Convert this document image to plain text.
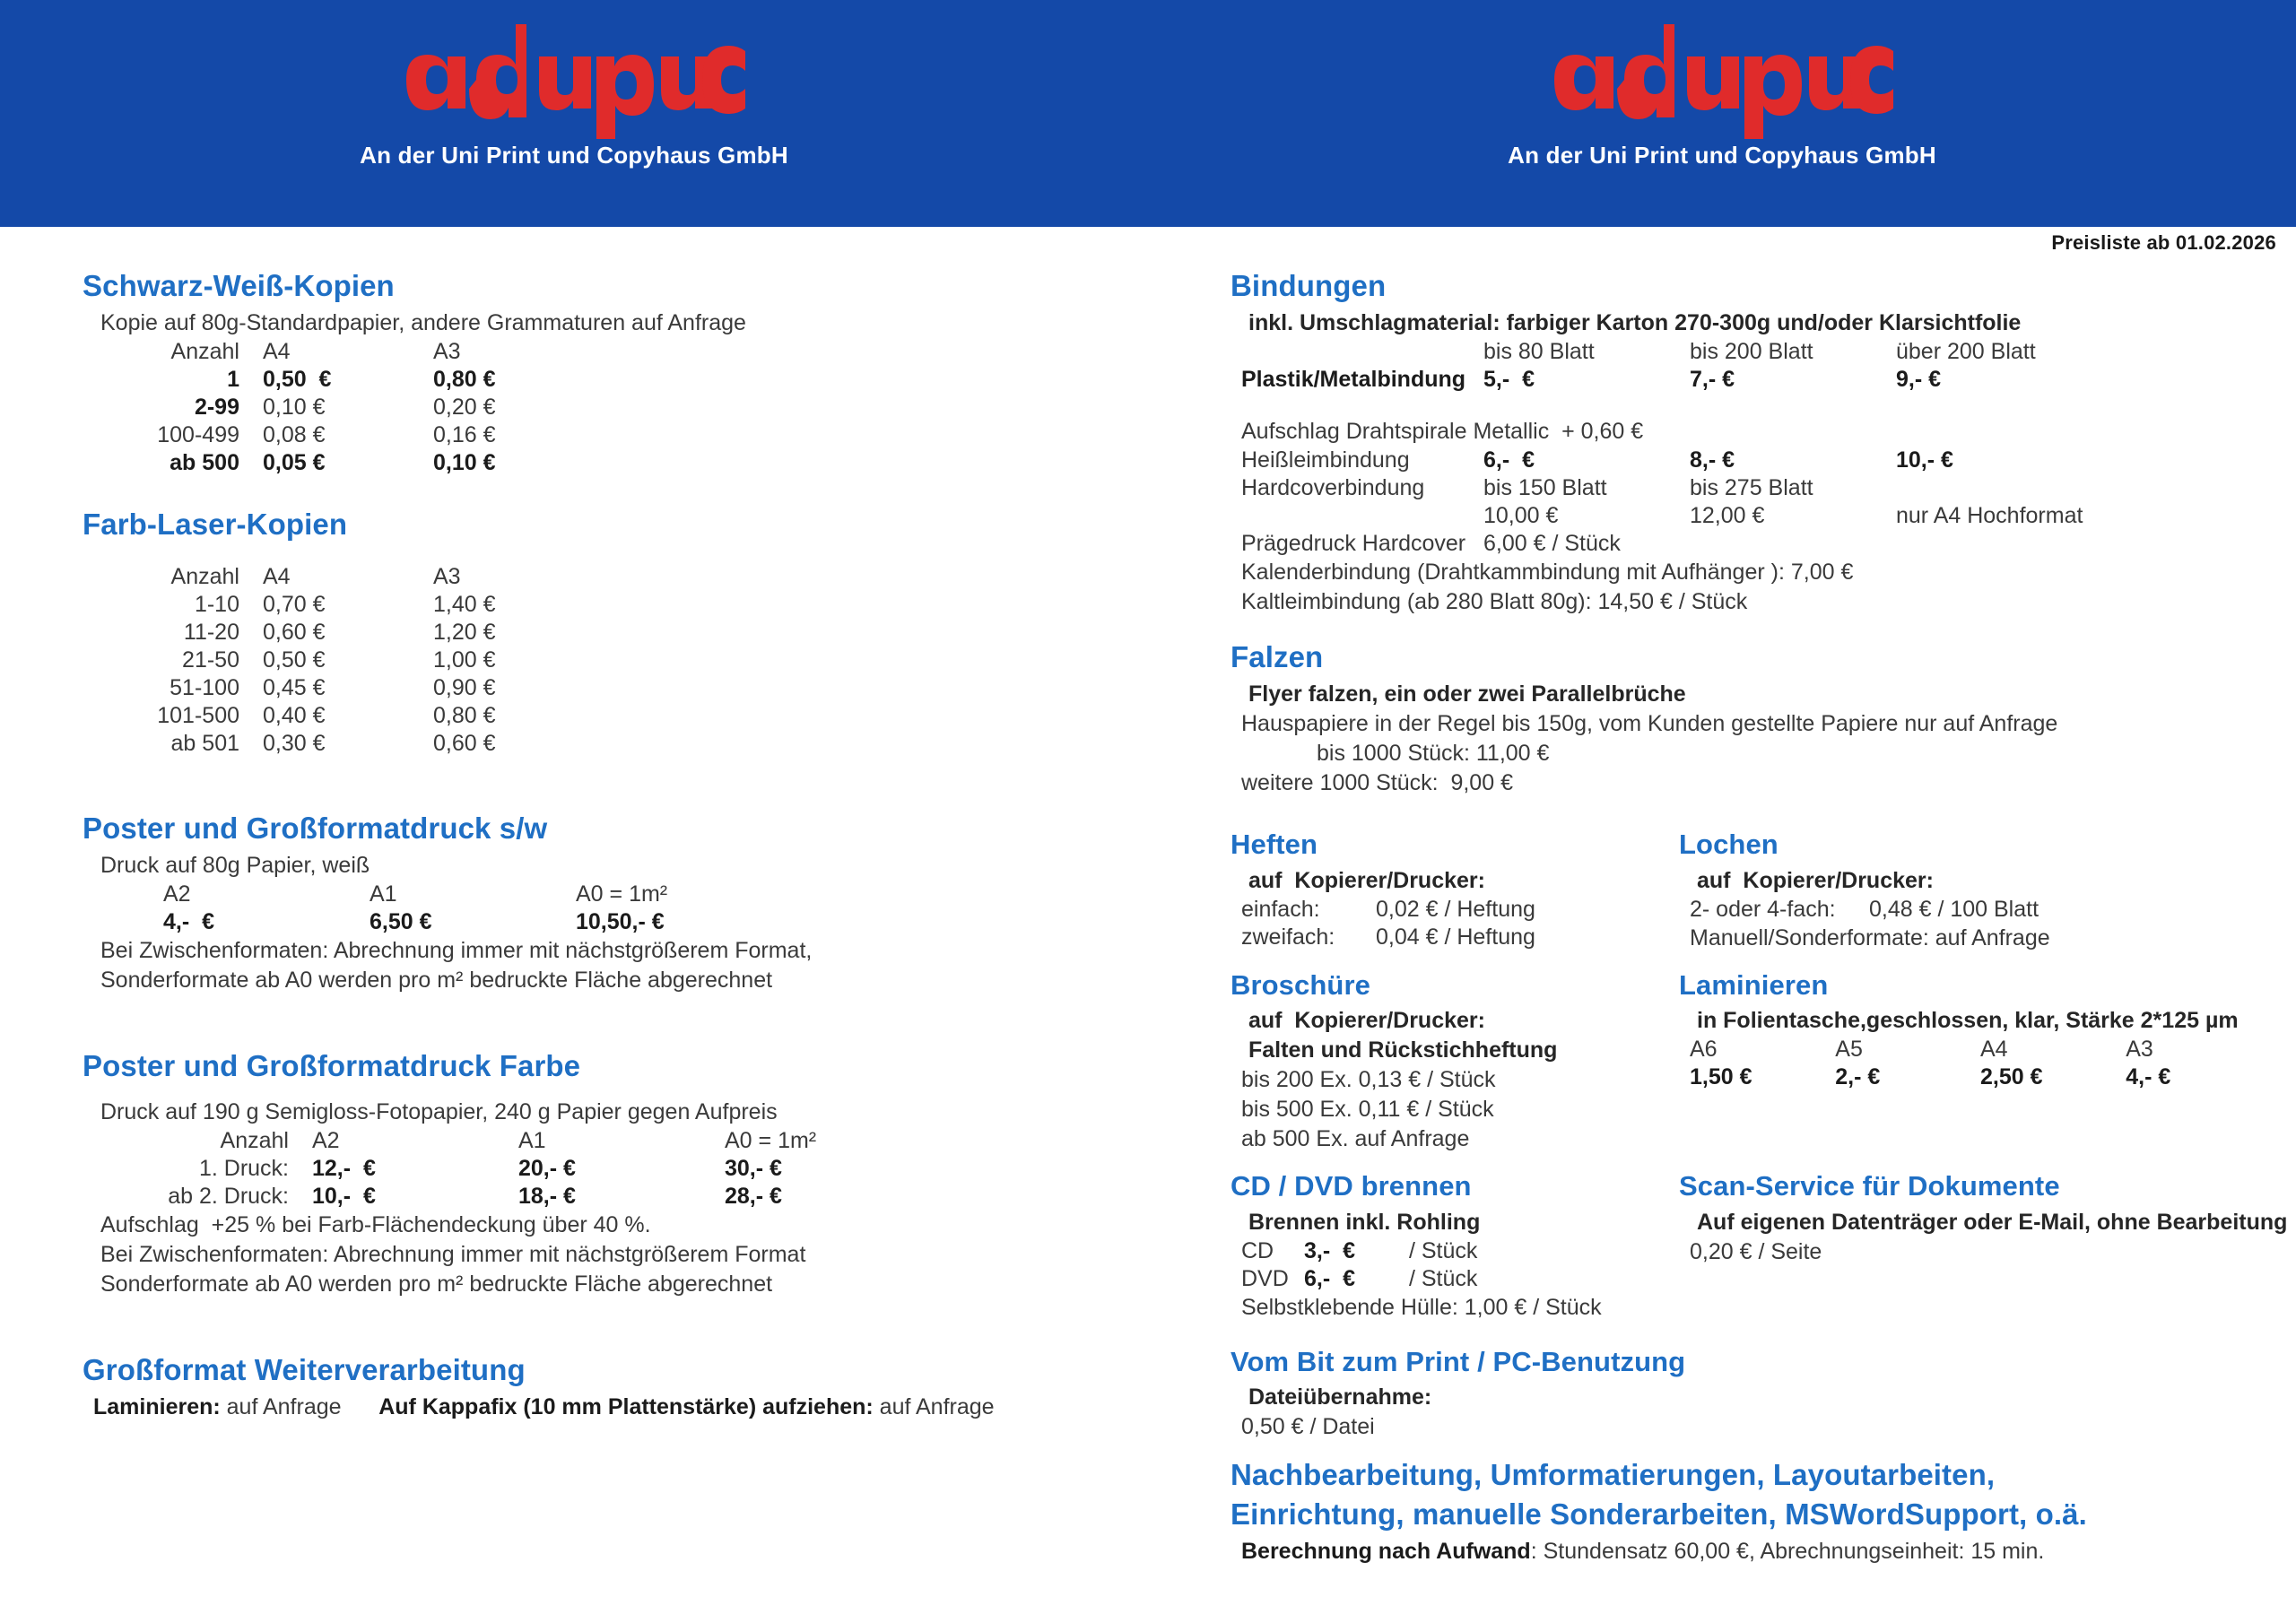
An der Uni Print und Copyhaus GmbH	An der Uni Print und Copyhaus GmbH
Preisliste ab 01.02.2026
Schwarz-Weiß-Kopien
Kopie auf 80g-Standardpapier, andere Grammaturen auf Anfrage
Anzahl	A4	A3
1	0,50  €	0,80 €
2-99	0,10 €	0,20 €
100-499	0,08 €	0,16 €
ab 500	0,05 €	0,10 €
Farb-Laser-Kopien
Anzahl	A4	A3
1-10	0,70 €	1,40 €
11-20	0,60 €	1,20 €
21-50	0,50 €	1,00 €
51-100	0,45 €	0,90 €
101-500	0,40 €	0,80 €
ab 501	0,30 €	0,60 €
Poster und Großformatdruck s/w
Druck auf 80g Papier, weiß
A2	A1	A0 = 1m²
4,-  €	6,50 €	10,50,- €
Bei Zwischenformaten: Abrechnung immer mit nächstgrößerem Format,
Sonderformate ab A0 werden pro m² bedruckte Fläche abgerechnet
Poster und Großformatdruck Farbe
Druck auf 190 g Semigloss-Fotopapier, 240 g Papier gegen Aufpreis
Anzahl	A2	A1	A0 = 1m²
1. Druck:	12,-  €	20,- €	30,- €
ab 2. Druck:	10,-  €	18,- €	28,- €
Aufschlag  +25 % bei Farb-Flächendeckung über 40 %.
Bei Zwischenformaten: Abrechnung immer mit nächstgrößerem Format
Sonderformate ab A0 werden pro m² bedruckte Fläche abgerechnet
Großformat Weiterverarbeitung
Laminieren: auf Anfrage Auf Kappafix (10 mm Plattenstärke) aufziehen: auf Anfrage
Bindungen
inkl. Umschlagmaterial: farbiger Karton 270-300g und/oder Klarsichtfolie
	bis 80 Blatt	bis 200 Blatt	über 200 Blatt
Plastik/Metalbindung	5,-  €	7,- €	9,- €
Aufschlag Drahtspirale Metallic  + 0,60 €
Heißleimbindung	6,-  €	8,- €	10,- €
Hardcoverbindung	bis 150 Blatt	bis 275 Blatt	
	10,00 €	12,00 €	nur A4 Hochformat
Prägedruck Hardcover	6,00 € / Stück		
Kalenderbindung (Drahtkammbindung mit Aufhänger ): 7,00 €
Kaltleimbindung (ab 280 Blatt 80g): 14,50 € / Stück
Falzen
Flyer falzen, ein oder zwei Parallelbrüche
Hauspapiere in der Regel bis 150g, vom Kunden gestellte Papiere nur auf Anfrage
bis 1000 Stück: 11,00 €
weitere 1000 Stück:  9,00 €
Heften
auf  Kopierer/Drucker:
einfach:	0,02 € / Heftung
zweifach:	0,04 € / Heftung
Lochen
auf  Kopierer/Drucker:
2- oder 4-fach:	0,48 € / 100 Blatt
Manuell/Sonderformate: auf Anfrage
Broschüre
auf  Kopierer/Drucker:
Falten und Rückstichheftung
bis 200 Ex. 0,13 € / Stück
bis 500 Ex. 0,11 € / Stück
ab 500 Ex. auf Anfrage
Laminieren
in Folientasche,geschlossen, klar, Stärke 2*125 µm
A6	A5	A4	A3
1,50 €	2,- €	2,50 €	4,- €
CD / DVD brennen
Brennen inkl. Rohling
CD	3,-  €	/ Stück
DVD	6,-  €	/ Stück
Selbstklebende Hülle: 1,00 € / Stück
Scan-Service für Dokumente
Auf eigenen Datenträger oder E-Mail, ohne Bearbeitung
0,20 € / Seite
Vom Bit zum Print / PC-Benutzung
Dateiübernahme:
0,50 € / Datei
Nachbearbeitung, Umformatierungen, Layoutarbeiten,
Einrichtung, manuelle Sonderarbeiten, MSWordSupport, o.ä.
Berechnung nach Aufwand: Stundensatz 60,00 €, Abrechnungseinheit: 15 min.
